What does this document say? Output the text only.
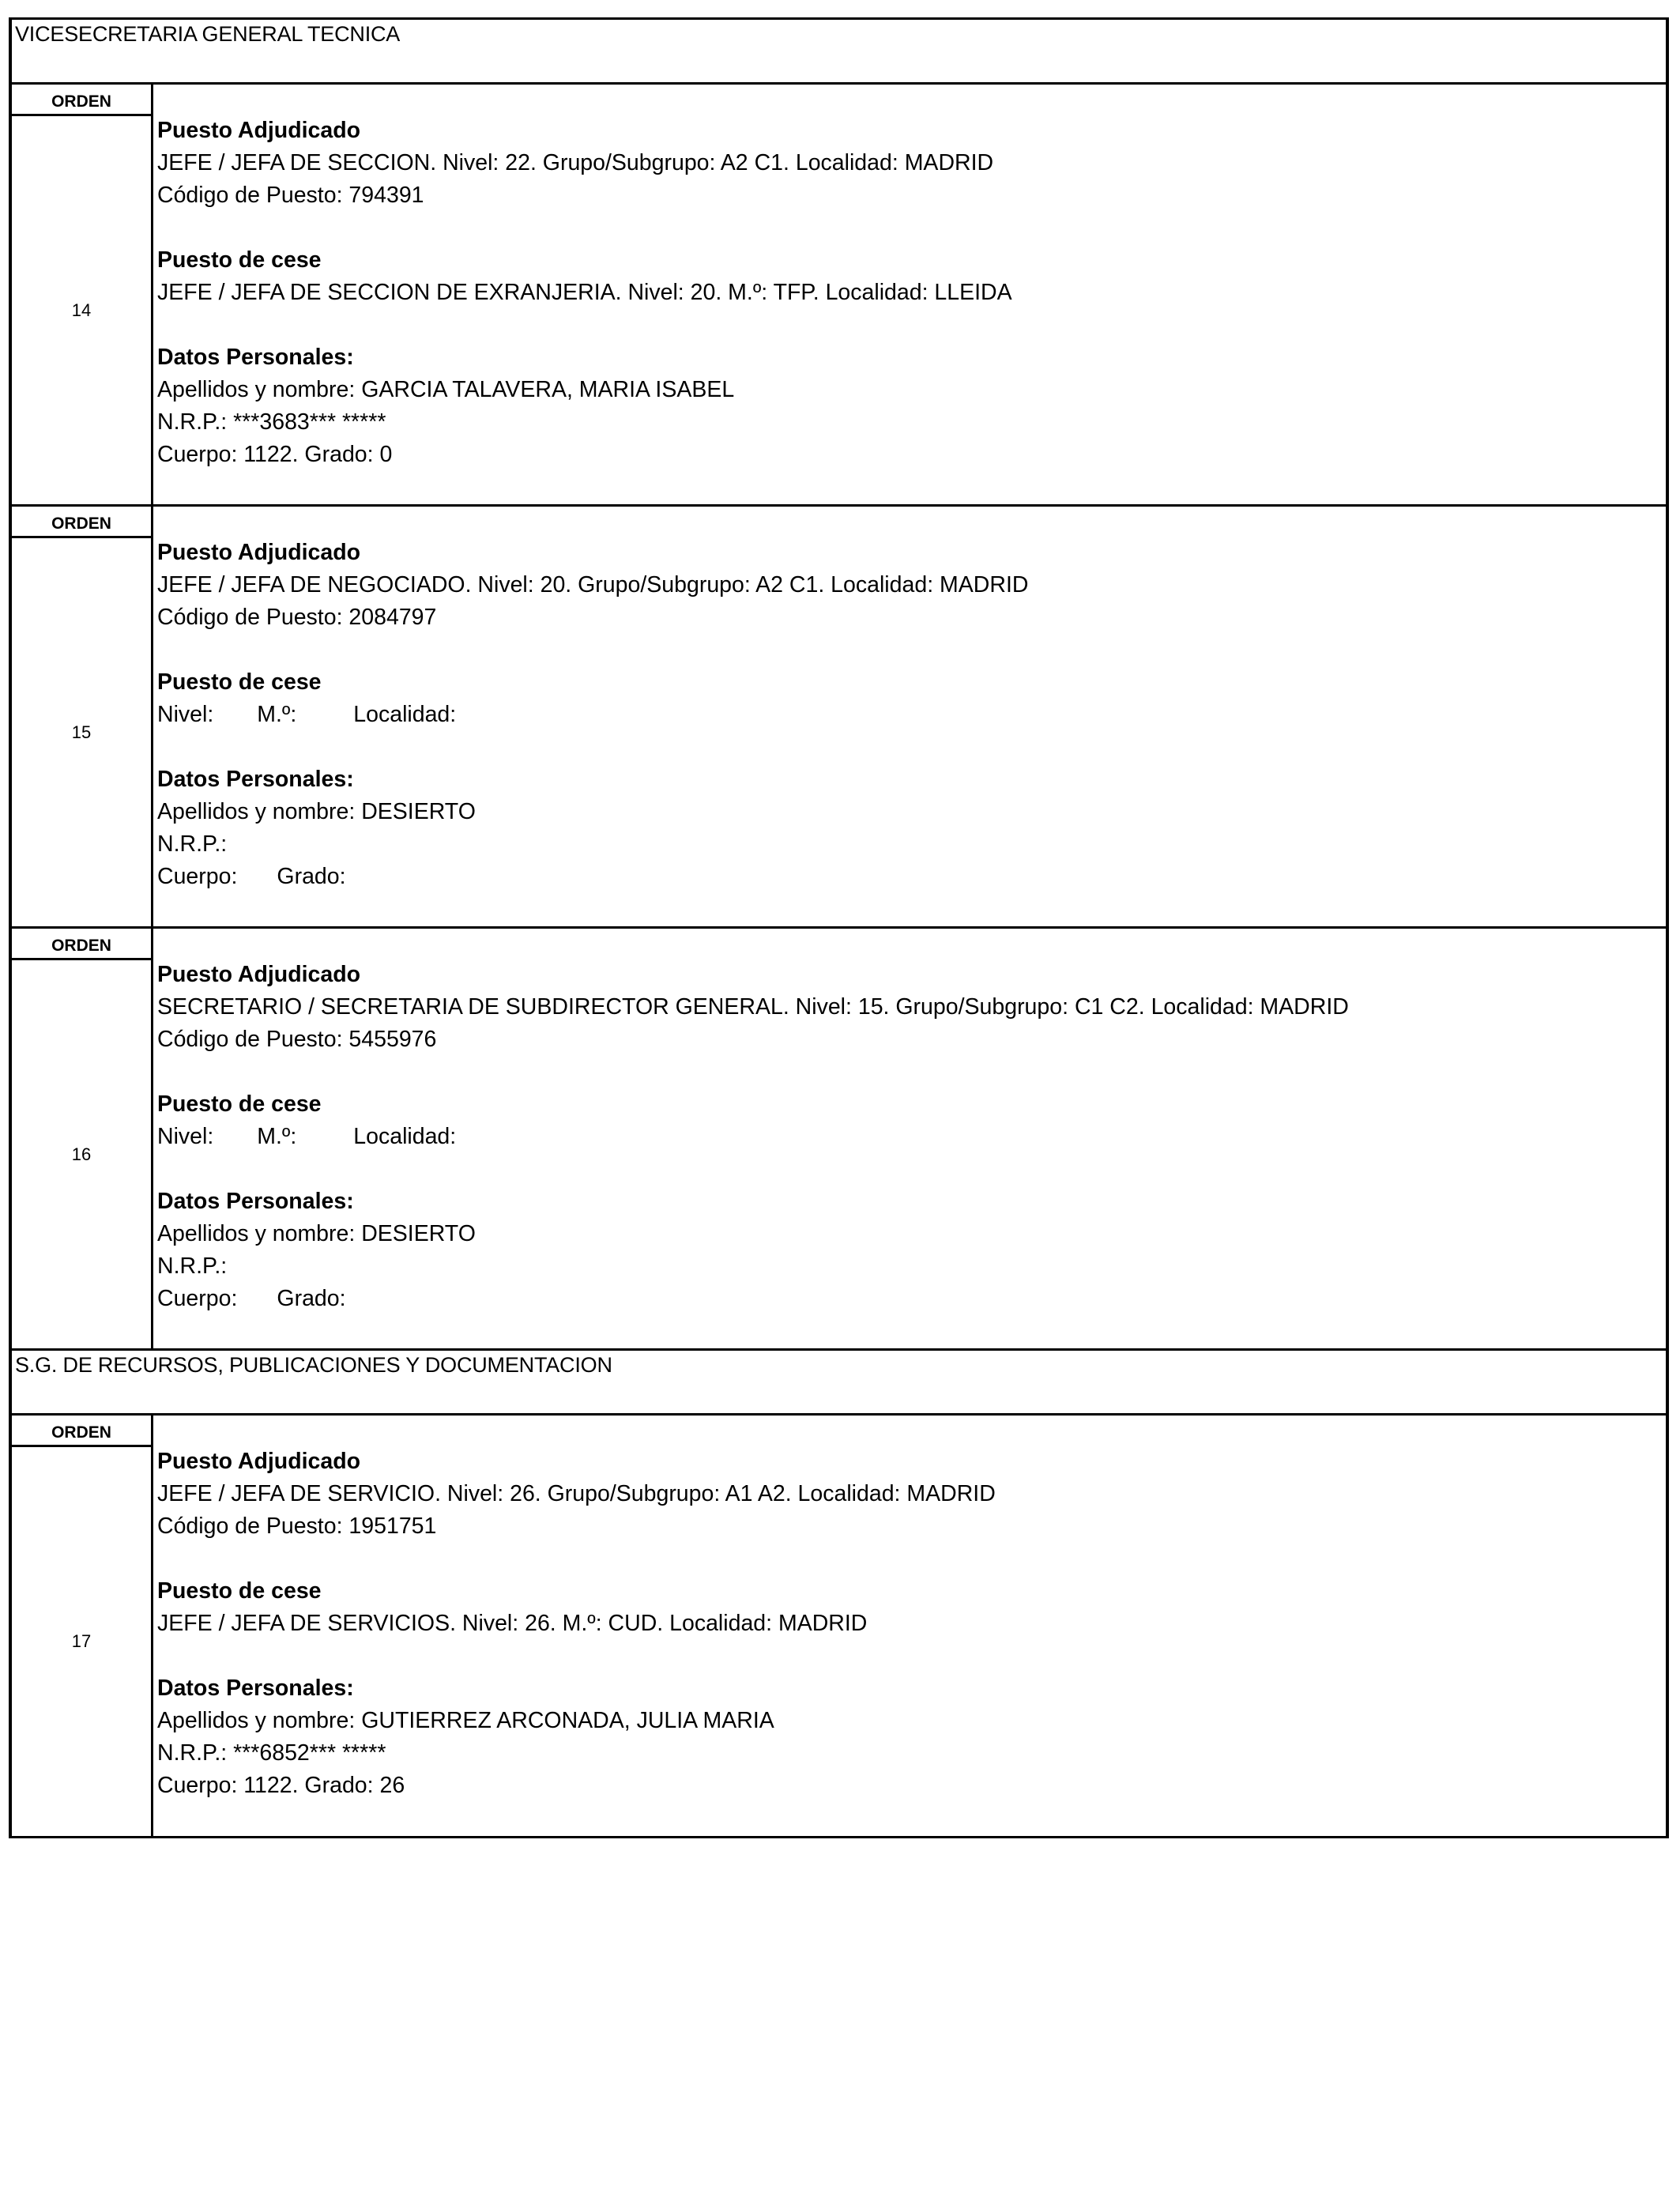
VICESECRETARIA GENERAL TECNICA
ORDEN
14
Puesto Adjudicado
JEFE / JEFA DE SECCION. Nivel: 22. Grupo/Subgrupo: A2 C1. Localidad: MADRID
Código de Puesto: 794391
Puesto de cese
JEFE / JEFA DE SECCION DE EXRANJERIA. Nivel: 20. M.º: TFP. Localidad: LLEIDA
Datos Personales:
Apellidos y nombre: GARCIA TALAVERA, MARIA ISABEL
N.R.P.: ***3683*** *****
Cuerpo: 1122. Grado: 0
ORDEN
15
Puesto Adjudicado
JEFE / JEFA DE NEGOCIADO. Nivel: 20. Grupo/Subgrupo: A2 C1. Localidad: MADRID
Código de Puesto: 2084797
Puesto de cese
Nivel: M.º:	Localidad:
Datos Personales:
Apellidos y nombre: DESIERTO
N.R.P.:
Cuerpo: Grado:
ORDEN
16
Puesto Adjudicado
SECRETARIO / SECRETARIA DE SUBDIRECTOR GENERAL. Nivel: 15. Grupo/Subgrupo: C1 C2. Localidad: MADRID
Código de Puesto: 5455976
Puesto de cese
Nivel: M.º:	Localidad:
Datos Personales:
Apellidos y nombre: DESIERTO
N.R.P.:
Cuerpo: Grado:
S.G. DE RECURSOS, PUBLICACIONES Y DOCUMENTACION
ORDEN
17
Puesto Adjudicado
JEFE / JEFA DE SERVICIO. Nivel: 26. Grupo/Subgrupo: A1 A2. Localidad: MADRID
Código de Puesto: 1951751
Puesto de cese
JEFE / JEFA DE SERVICIOS. Nivel: 26. M.º: CUD. Localidad: MADRID
Datos Personales:
Apellidos y nombre: GUTIERREZ ARCONADA, JULIA MARIA
N.R.P.: ***6852*** *****
Cuerpo: 1122. Grado: 26
